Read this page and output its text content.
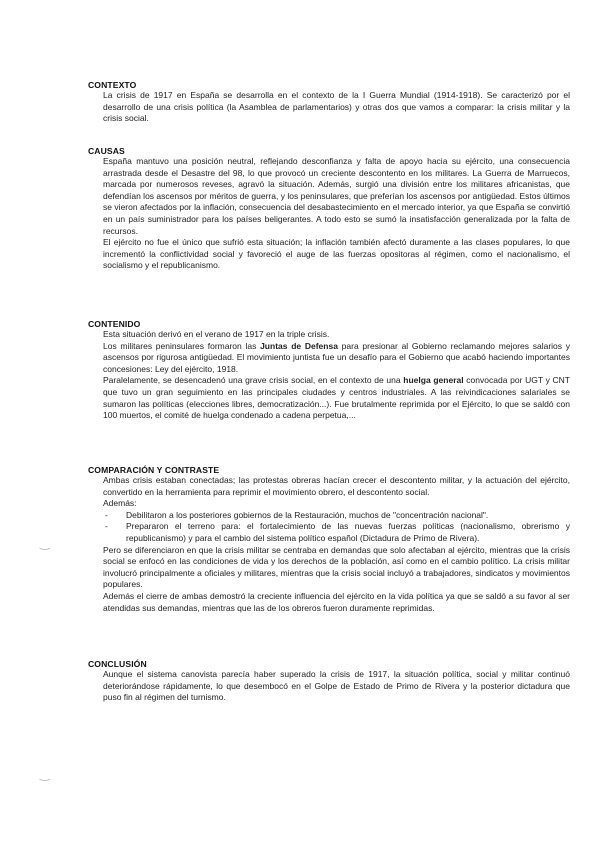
CONTEXTO

La crisis de 1917 en España se desarrolla en el contexto de la I Guerra Mundial (1914-1918). Se caracterizó por el desarrollo de una crisis política (la Asamblea de parlamentarios) y otras dos que vamos a comparar: la crisis militar y la crisis social.

CAUSAS

España mantuvo una posición neutral, reflejando desconfianza y falta de apoyo hacia su ejército, una consecuencia arrastrada desde el Desastre del 98, lo que provocó un creciente descontento en los militares. La Guerra de Marruecos, marcada por numerosos reveses, agravó la situación. Además, surgió una división entre los militares africanistas, que defendían los ascensos por méritos de guerra, y los peninsulares, que preferían los ascensos por antigüedad. Estos últimos se vieron afectados por la inflación, consecuencia del desabastecimiento en el mercado interior, ya que España se convirtió en un país suministrador para los países beligerantes. A todo esto se sumó la insatisfacción generalizada por la falta de recursos.

El ejército no fue el único que sufrió esta situación; la inflación también afectó duramente a las clases populares, lo que incrementó la conflictividad social y favoreció el auge de las fuerzas opositoras al régimen, como el nacionalismo, el socialismo y el republicanismo.

CONTENIDO

Esta situación derivó en el verano de 1917 en la triple crisis.

Los militares peninsulares formaron las Juntas de Defensa para presionar al Gobierno reclamando mejores salarios y ascensos por rigurosa antigüedad. El movimiento juntista fue un desafío para el Gobierno que acabó haciendo importantes concesiones: Ley del ejército, 1918.

Paralelamente, se desencadenó una grave crisis social, en el contexto de una huelga general convocada por UGT y CNT que tuvo un gran seguimiento en las principales ciudades y centros industriales. A las reivindicaciones salariales se sumaron las políticas (elecciones libres, democratización...). Fue brutalmente reprimida por el Ejército, lo que se saldó con 100 muertos, el comité de huelga condenado a cadena perpetua,...

COMPARACIÓN Y CONTRASTE

Ambas crisis estaban conectadas; las protestas obreras hacían crecer el descontento militar, y la actuación del ejército, convertido en la herramienta para reprimir el movimiento obrero, el descontento social.

Además:

- Debilitaron a los posteriores gobiernos de la Restauración, muchos de "concentración nacional".
- Prepararon el terreno para: el fortalecimiento de las nuevas fuerzas políticas (nacionalismo, obrerismo y republicanismo) y para el cambio del sistema político español (Dictadura de Primo de Rivera).

Pero se diferenciaron en que la crisis militar se centraba en demandas que solo afectaban al ejército, mientras que la crisis social se enfocó en las condiciones de vida y los derechos de la población, así como en el cambio político. La crisis militar involucró principalmente a oficiales y militares, mientras que la crisis social incluyó a trabajadores, sindicatos y movimientos populares.

Además el cierre de ambas demostró la creciente influencia del ejército en la vida política ya que se saldó a su favor al ser atendidas sus demandas, mientras que las de los obreros fueron duramente reprimidas.

CONCLUSIÓN

Aunque el sistema canovista parecía haber superado la crisis de 1917, la situación política, social y militar continuó deteriorándose rápidamente, lo que desembocó en el Golpe de Estado de Primo de Rivera y la posterior dictadura que puso fin al régimen del turnismo.

‿
‿
